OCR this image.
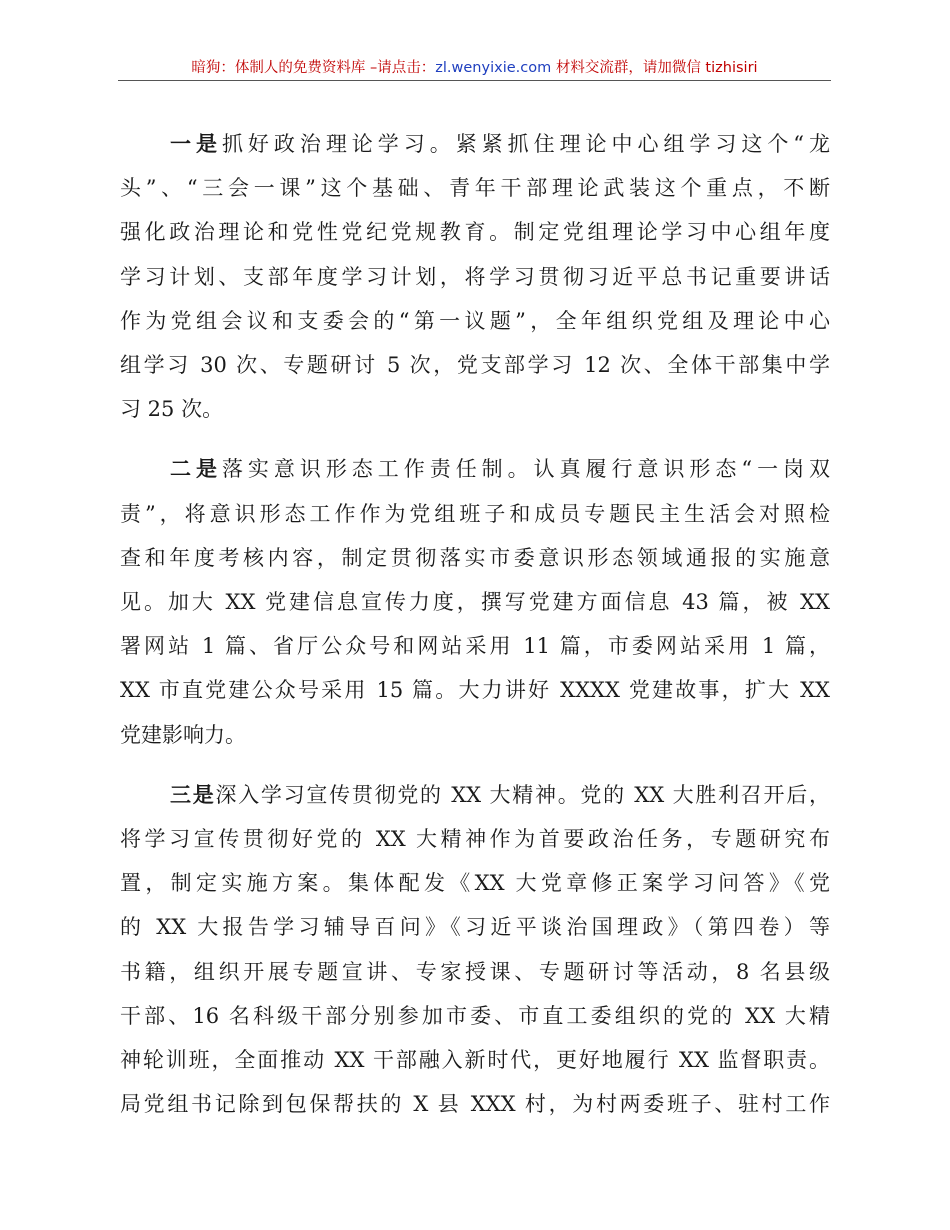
暗狗：体制人的免费资料库 –请点击：zl.wenyixie.com 材料交流群，请加微信 tizhisiri
一是抓好政治理论学习。紧紧抓住理论中心组学习这个“龙
头”、“三会一课”这个基础、青年干部理论武装这个重点，不断
强化政治理论和党性党纪党规教育。制定党组理论学习中心组年度
学习计划、支部年度学习计划，将学习贯彻习近平总书记重要讲话
作为党组会议和支委会的“第一议题”，全年组织党组及理论中心
组学习 30 次、专题研讨 5 次，党支部学习 12 次、全体干部集中学
习 25 次。
二是落实意识形态工作责任制。认真履行意识形态“一岗双
责”，将意识形态工作作为党组班子和成员专题民主生活会对照检
查和年度考核内容，制定贯彻落实市委意识形态领域通报的实施意
见。加大 XX 党建信息宣传力度，撰写党建方面信息 43 篇，被 XX
署网站 1 篇、省厅公众号和网站采用 11 篇，市委网站采用 1 篇，
XX 市直党建公众号采用 15 篇。大力讲好 XXXX 党建故事，扩大 XX
党建影响力。
三是深入学习宣传贯彻党的 XX 大精神。党的 XX 大胜利召开后，
将学习宣传贯彻好党的 XX 大精神作为首要政治任务，专题研究布
置，制定实施方案。集体配发《XX 大党章修正案学习问答》《党
的 XX 大报告学习辅导百问》《习近平谈治国理政》（第四卷）等
书籍，组织开展专题宣讲、专家授课、专题研讨等活动，8 名县级
干部、16 名科级干部分别参加市委、市直工委组织的党的 XX 大精
神轮训班，全面推动 XX 干部融入新时代，更好地履行 XX 监督职责。
局党组书记除到包保帮扶的 X 县 XXX 村，为村两委班子、驻村工作
